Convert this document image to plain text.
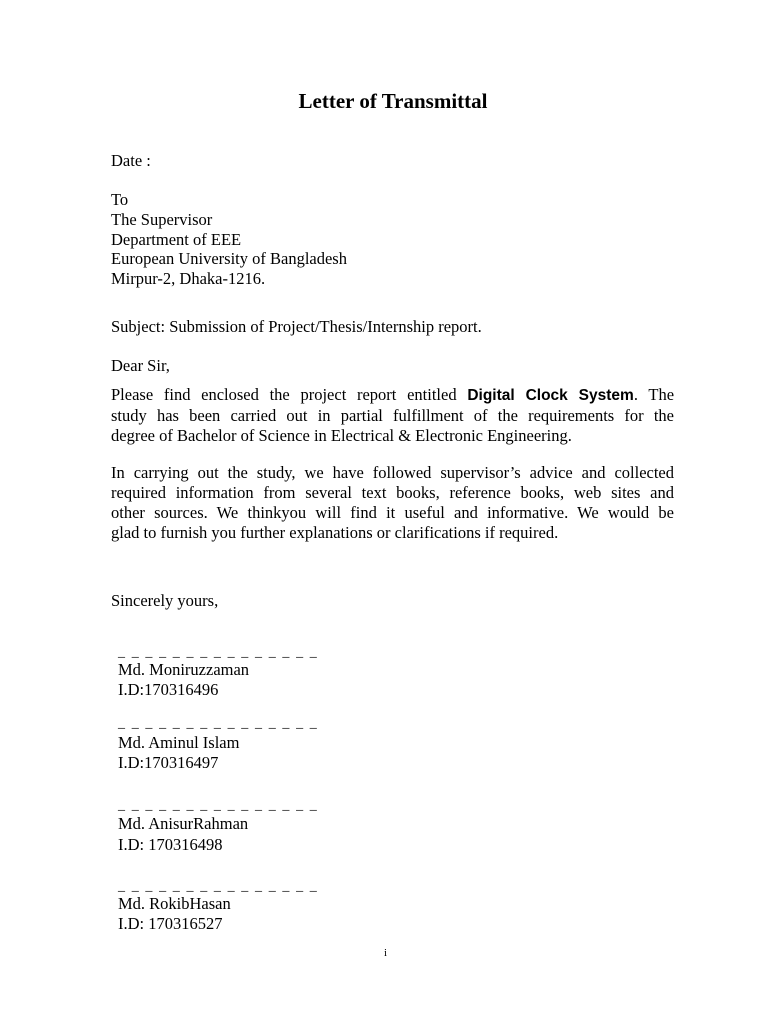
Letter of Transmittal
Date :
To
The Supervisor
Department of EEE
European University of Bangladesh
Mirpur-2, Dhaka-1216.
Subject: Submission of Project/Thesis/Internship report.
Dear Sir,
Please find enclosed the project report entitled Digital Clock System. The
study has been carried out in partial fulfillment of the requirements for the
degree of Bachelor of Science in Electrical & Electronic Engineering.
In carrying out the study, we have followed supervisor’s advice and collected
required information from several text books, reference books, web sites and
other sources. We thinkyou will find it useful and informative. We would be
glad to furnish you further explanations or clarifications if required.
Sincerely yours,
_ _ _ _ _ _ _ _ _ _ _ _ _ _ _
Md. Moniruzzaman
I.D:170316496
_ _ _ _ _ _ _ _ _ _ _ _ _ _ _
Md. Aminul Islam
I.D:170316497
_ _ _ _ _ _ _ _ _ _ _ _ _ _ _
Md. AnisurRahman
I.D: 170316498
_ _ _ _ _ _ _ _ _ _ _ _ _ _ _
Md. RokibHasan
I.D: 170316527
i
